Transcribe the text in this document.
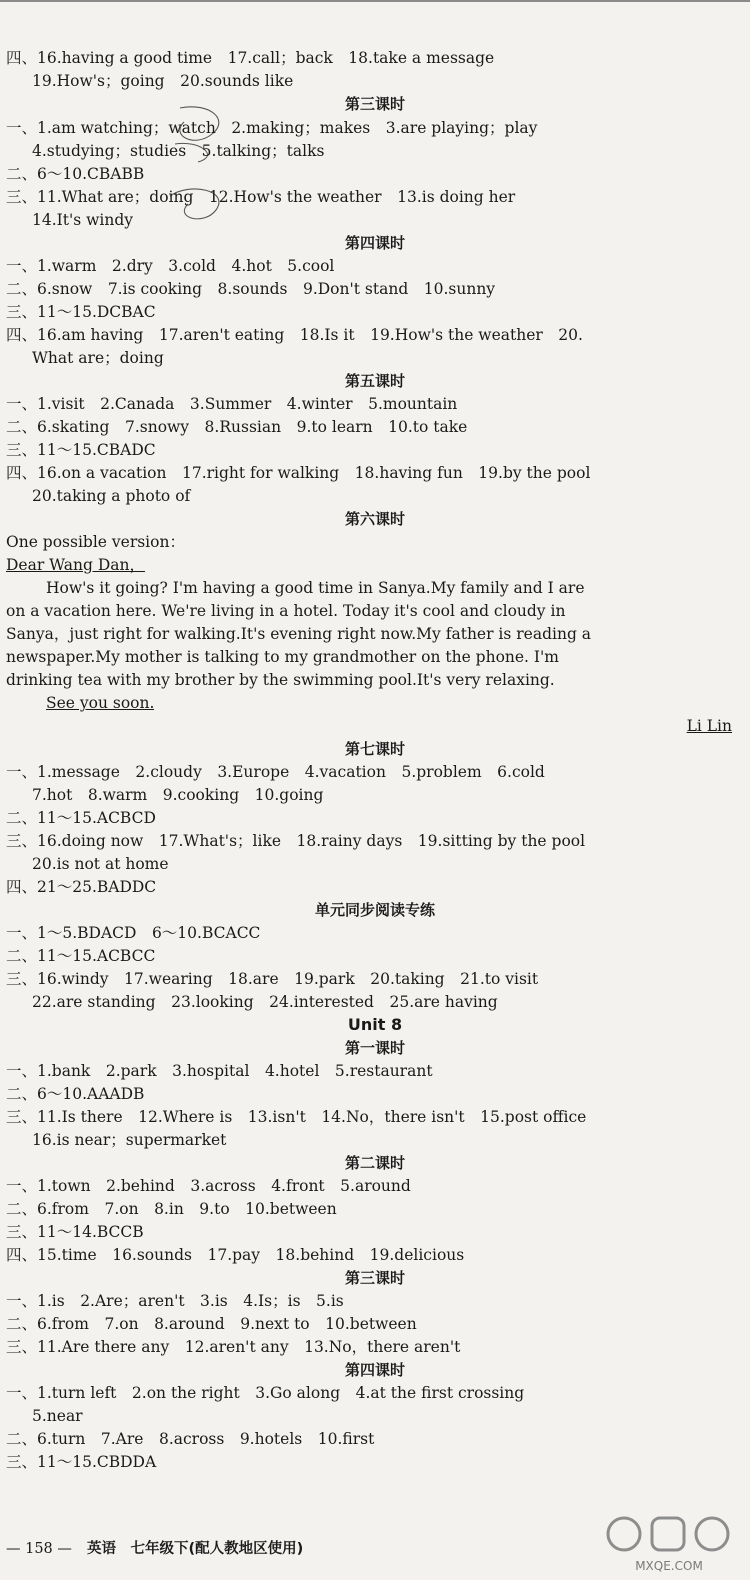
四、16.having a good time　17.call；back　18.take a message
19.How's；going　20.sounds like
第三课时
一、1.am watching；watch　2.making；makes　3.are playing；play
4.studying；studies　5.talking；talks
二、6～10.CBABB
三、11.What are；doing　12.How's the weather　13.is doing her
14.It's windy
第四课时
一、1.warm　2.dry　3.cold　4.hot　5.cool
二、6.snow　7.is cooking　8.sounds　9.Don't stand　10.sunny
三、11～15.DCBAC
四、16.am having　17.aren't eating　18.Is it　19.How's the weather　20.
What are；doing
第五课时
一、1.visit　2.Canada　3.Summer　4.winter　5.mountain
二、6.skating　7.snowy　8.Russian　9.to learn　10.to take
三、11～15.CBADC
四、16.on a vacation　17.right for walking　18.having fun　19.by the pool
20.taking a photo of
第六课时
One possible version：
Dear Wang Dan，
How's it going? I'm having a good time in Sanya.My family and I are
on a vacation here. We're living in a hotel. Today it's cool and cloudy in
Sanya，just right for walking.It's evening right now.My father is reading a
newspaper.My mother is talking to my grandmother on the phone. I'm
drinking tea with my brother by the swimming pool.It's very relaxing.
See you soon.
Li Lin
第七课时
一、1.message　2.cloudy　3.Europe　4.vacation　5.problem　6.cold
7.hot　8.warm　9.cooking　10.going
二、11～15.ACBCD
三、16.doing now　17.What's；like　18.rainy days　19.sitting by the pool
20.is not at home
四、21～25.BADDC
单元同步阅读专练
一、1～5.BDACD　6～10.BCACC
二、11～15.ACBCC
三、16.windy　17.wearing　18.are　19.park　20.taking　21.to visit
22.are standing　23.looking　24.interested　25.are having
Unit 8
第一课时
一、1.bank　2.park　3.hospital　4.hotel　5.restaurant
二、6～10.AAADB
三、11.Is there　12.Where is　13.isn't　14.No，there isn't　15.post office
16.is near；supermarket
第二课时
一、1.town　2.behind　3.across　4.front　5.around
二、6.from　7.on　8.in　9.to　10.between
三、11～14.BCCB
四、15.time　16.sounds　17.pay　18.behind　19.delicious
第三课时
一、1.is　2.Are；aren't　3.is　4.Is；is　5.is
二、6.from　7.on　8.around　9.next to　10.between
三、11.Are there any　12.aren't any　13.No，there aren't
第四课时
一、1.turn left　2.on the right　3.Go along　4.at the first crossing
5.near
二、6.turn　7.Are　8.across　9.hotels　10.first
三、11～15.CBDDA
— 158 — 英语　七年级下(配人教地区使用)
MXQE.COM
